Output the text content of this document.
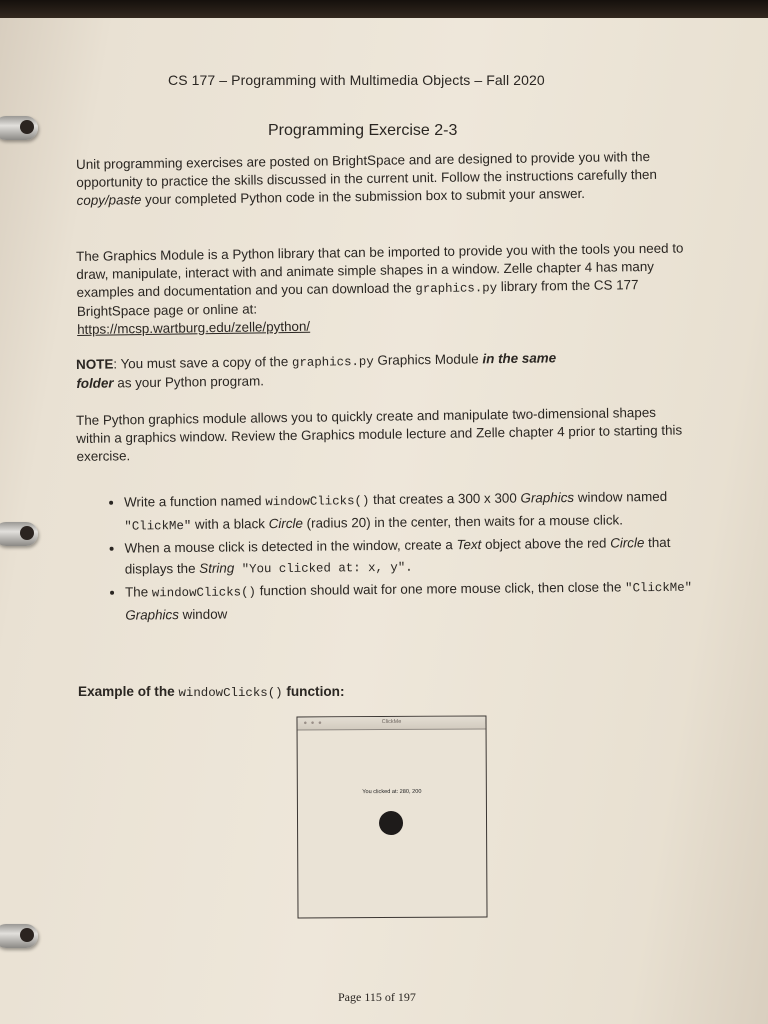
CS 177 – Programming with Multimedia Objects – Fall 2020
Programming Exercise 2-3
Unit programming exercises are posted on BrightSpace and are designed to provide you with the opportunity to practice the skills discussed in the current unit. Follow the instructions carefully then copy/paste your completed Python code in the submission box to submit your answer.
The Graphics Module is a Python library that can be imported to provide you with the tools you need to draw, manipulate, interact with and animate simple shapes in a window. Zelle chapter 4 has many examples and documentation and you can download the graphics.py library from the CS 177 BrightSpace page or online at:
https://mcsp.wartburg.edu/zelle/python/
NOTE: You must save a copy of the graphics.py Graphics Module in the same
folder as your Python program.
The Python graphics module allows you to quickly create and manipulate two-dimensional shapes within a graphics window. Review the Graphics module lecture and Zelle chapter 4 prior to starting this exercise.
• Write a function named windowClicks() that creates a 300 x 300 Graphics window named "ClickMe" with a black Circle (radius 20) in the center, then waits for a mouse click.
• When a mouse click is detected in the window, create a Text object above the red Circle that displays the String "You clicked at: x, y".
• The windowClicks() function should wait for one more mouse click, then close the "ClickMe" Graphics window
Example of the windowClicks() function:
● ● ●	ClickMe
You clicked at: 280, 200
Page 115 of 197
